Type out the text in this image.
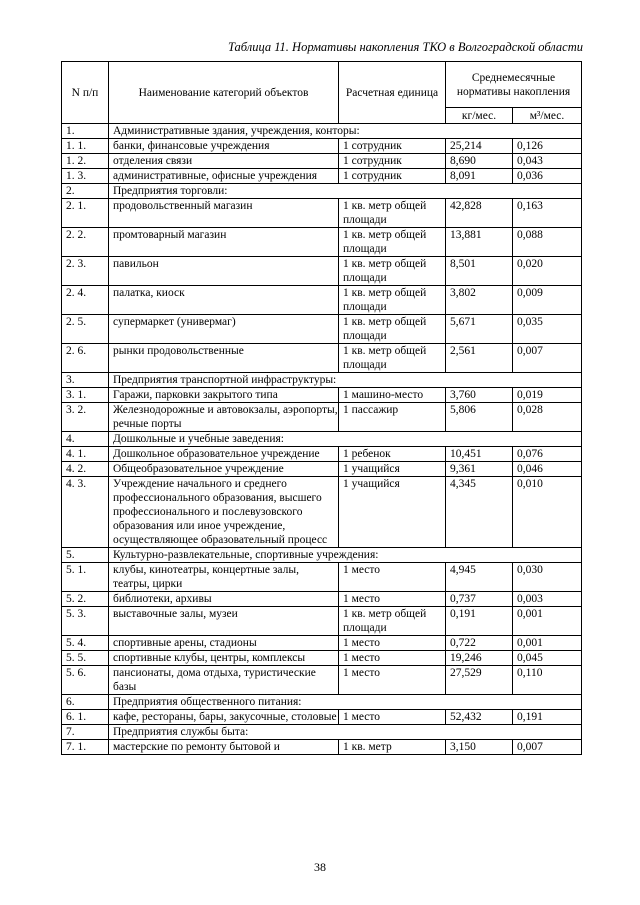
Таблица 11. Нормативы накопления ТКО в Волгоградской области
N п/п	Наименование категорий объектов	Расчетная единица	Среднемесячные нормативы накопления	
			кг/мес.	м³/мес.
1.	Административные здания, учреждения, конторы:			
1. 1.	банки, финансовые учреждения	1 сотрудник	25,214	0,126
1. 2.	отделения связи	1 сотрудник	8,690	0,043
1. 3.	административные, офисные учреждения	1 сотрудник	8,091	0,036
2.	Предприятия торговли:			
2. 1.	продовольственный магазин	1 кв. метр общей площади	42,828	0,163
2. 2.	промтоварный магазин	1 кв. метр общей площади	13,881	0,088
2. 3.	павильон	1 кв. метр общей площади	8,501	0,020
2. 4.	палатка, киоск	1 кв. метр общей площади	3,802	0,009
2. 5.	супермаркет (универмаг)	1 кв. метр общей площади	5,671	0,035
2. 6.	рынки продовольственные	1 кв. метр общей площади	2,561	0,007
3.	Предприятия транспортной инфраструктуры:			
3. 1.	Гаражи, парковки закрытого типа	1 машино-место	3,760	0,019
3. 2.	Железнодорожные и автовокзалы, аэропорты, речные порты	1 пассажир	5,806	0,028
4.	Дошкольные и учебные заведения:			
4. 1.	Дошкольное образовательное учреждение	1 ребенок	10,451	0,076
4. 2.	Общеобразовательное учреждение	1 учащийся	9,361	0,046
4. 3.	Учреждение начального и среднего профессионального образования, высшего профессионального и послевузовского образования или иное учреждение, осуществляющее образовательный процесс	1 учащийся	4,345	0,010
5.	Культурно-развлекательные, спортивные учреждения:			
5. 1.	клубы, кинотеатры, концертные залы, театры, цирки	1 место	4,945	0,030
5. 2.	библиотеки, архивы	1 место	0,737	0,003
5. 3.	выставочные залы, музеи	1 кв. метр общей площади	0,191	0,001
5. 4.	спортивные арены, стадионы	1 место	0,722	0,001
5. 5.	спортивные клубы, центры, комплексы	1 место	19,246	0,045
5. 6.	пансионаты, дома отдыха, туристические базы	1 место	27,529	0,110
6.	Предприятия общественного питания:			
6. 1.	кафе, рестораны, бары, закусочные, столовые	1 место	52,432	0,191
7.	Предприятия службы быта:			
7. 1.	мастерские по ремонту бытовой и	1 кв. метр	3,150	0,007
38
